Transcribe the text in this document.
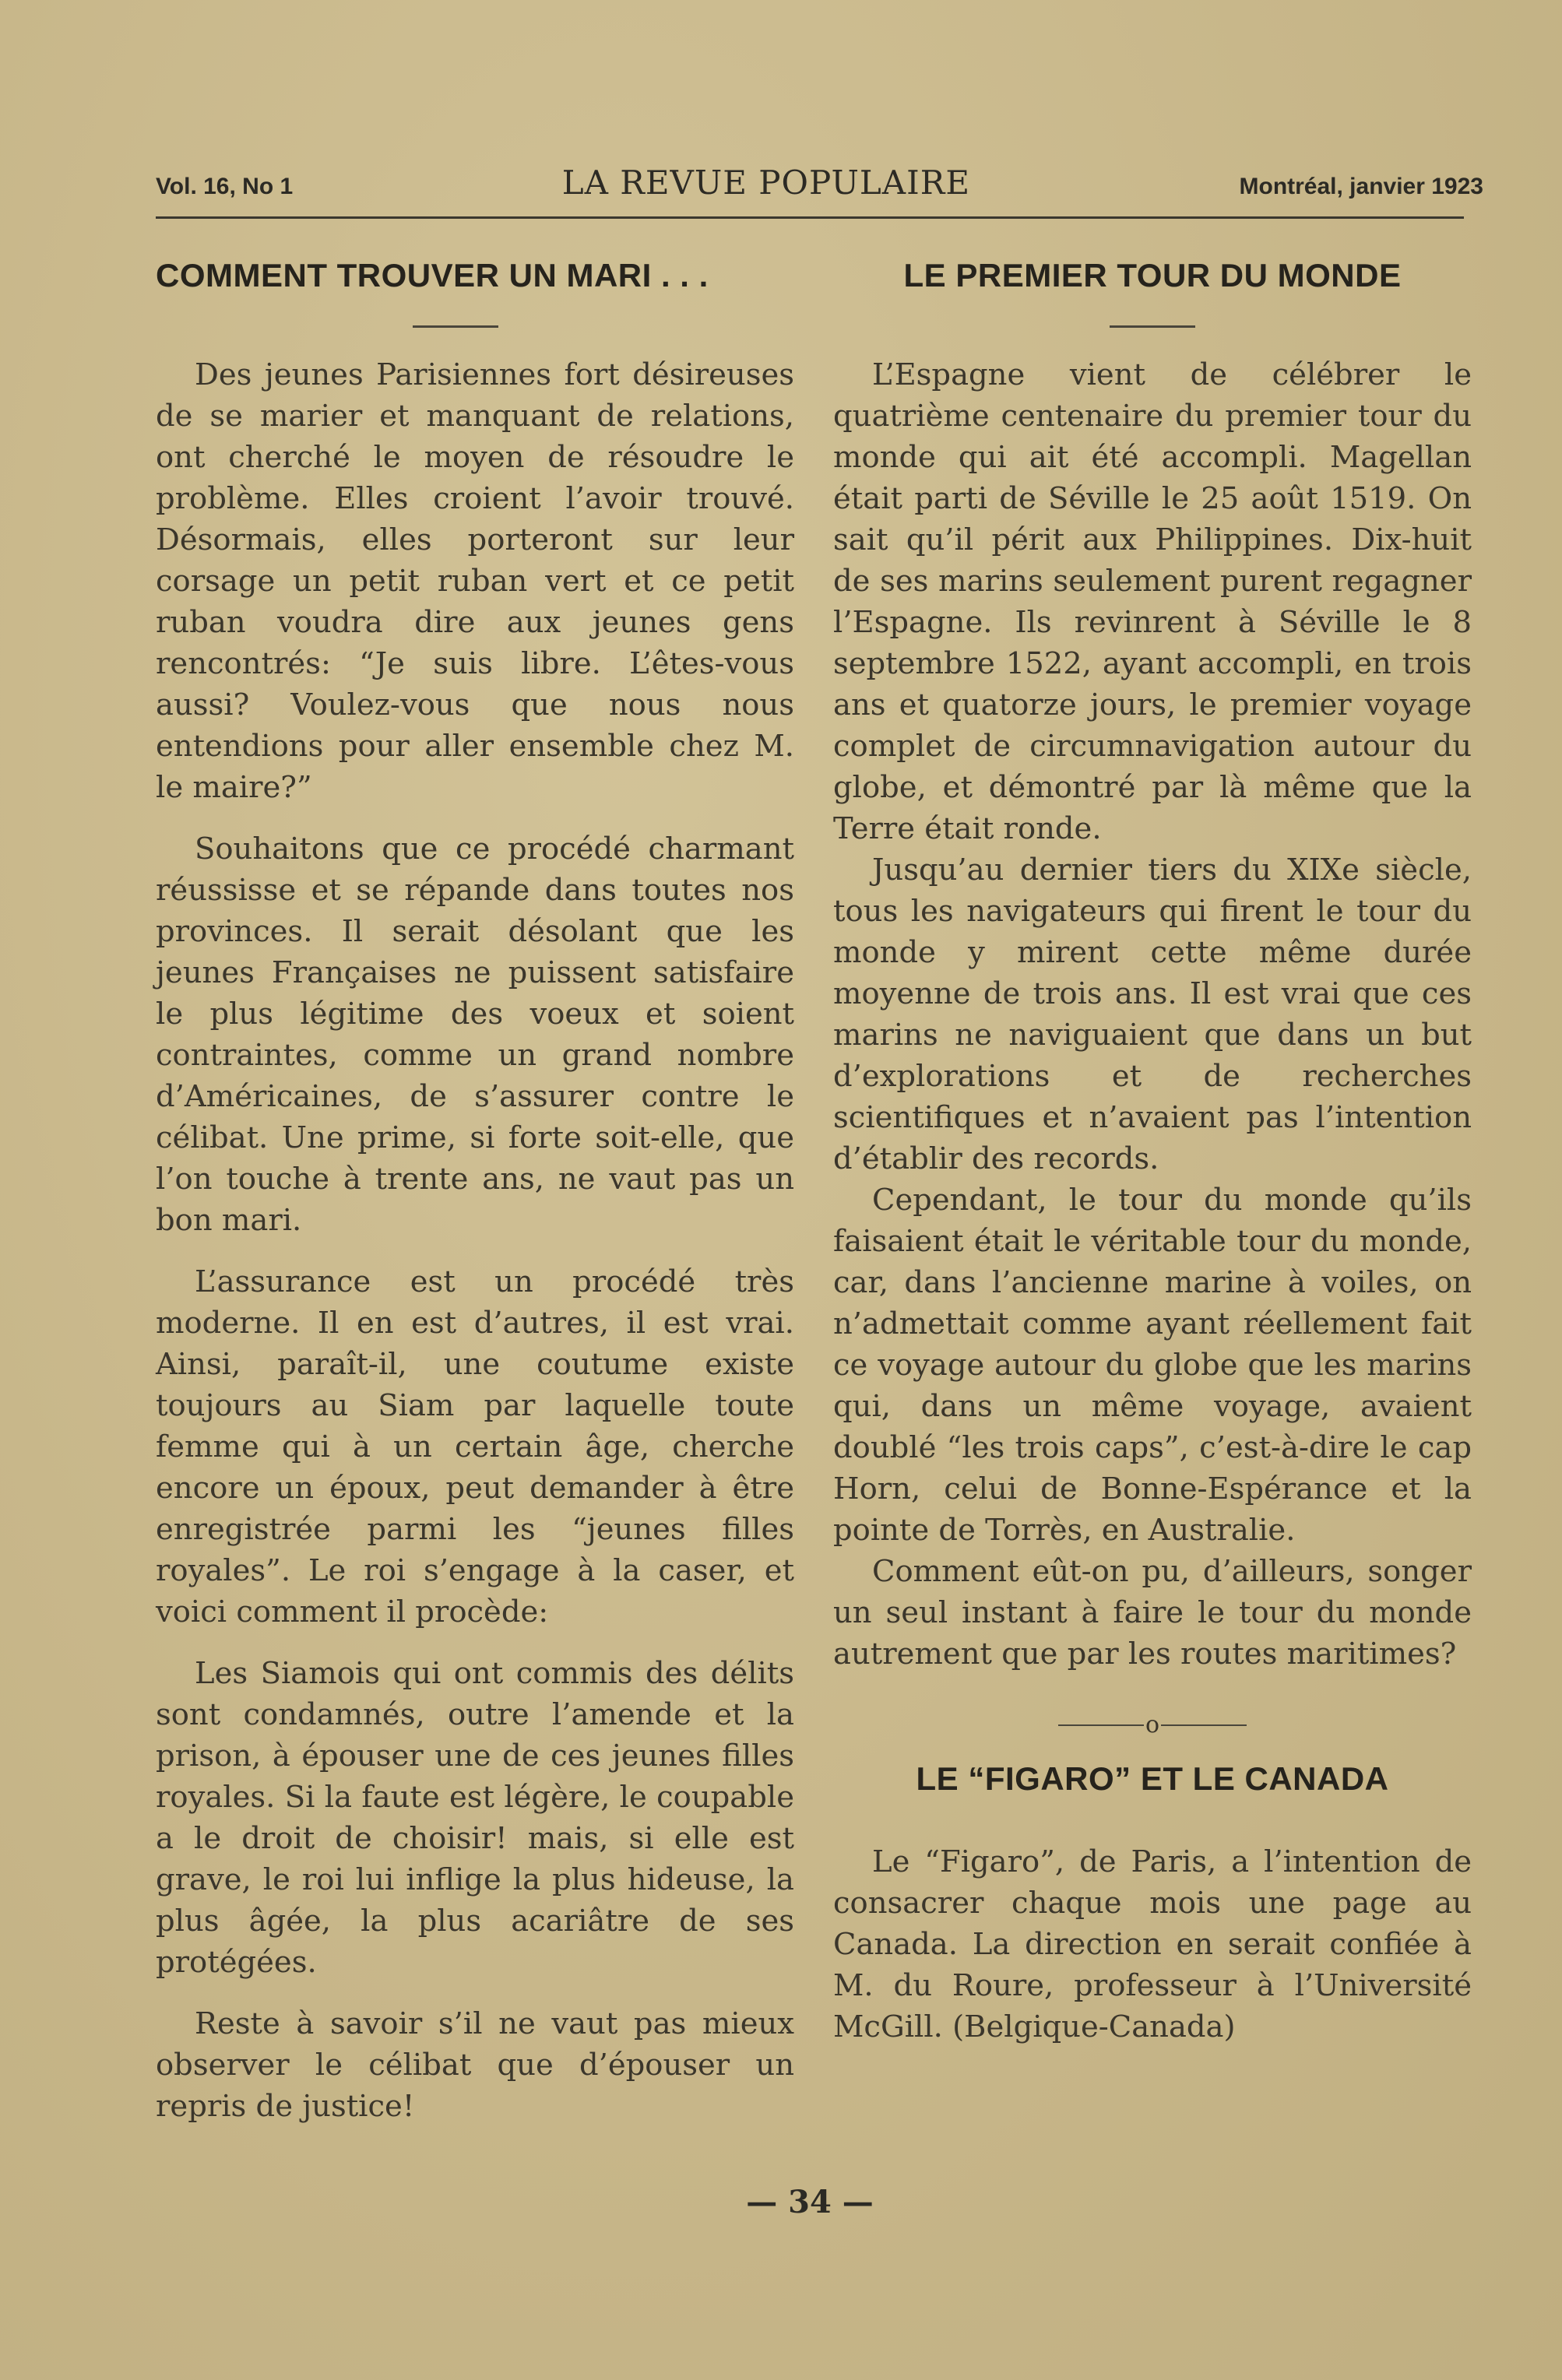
Vol. 16, No 1	LA REVUE POPULAIRE	Montréal, janvier 1923
COMMENT TROUVER UN MARI . . .

Des jeunes Parisiennes fort désireuses de se marier et manquant de relations, ont cherché le moyen de résoudre le problème. Elles croient l’avoir trouvé. Désormais, elles porteront sur leur corsage un petit ruban vert et ce petit ruban voudra dire aux jeunes gens rencontrés: “Je suis libre. L’êtes-vous aussi? Voulez-vous que nous nous entendions pour aller ensemble chez M. le maire?”

Souhaitons que ce procédé charmant réussisse et se répande dans toutes nos provinces. Il serait désolant que les jeunes Françaises ne puissent satisfaire le plus légitime des voeux et soient contraintes, comme un grand nombre d’Américaines, de s’assurer contre le célibat. Une prime, si forte soit-elle, que l’on touche à trente ans, ne vaut pas un bon mari.

L’assurance est un procédé très moderne. Il en est d’autres, il est vrai. Ainsi, paraît-il, une coutume existe toujours au Siam par laquelle toute femme qui à un certain âge, cherche encore un époux, peut demander à être enregistrée parmi les “jeunes filles royales”. Le roi s’engage à la caser, et voici comment il procède:

Les Siamois qui ont commis des délits sont condamnés, outre l’amende et la prison, à épouser une de ces jeunes filles royales. Si la faute est légère, le coupable a le droit de choisir! mais, si elle est grave, le roi lui inflige la plus hideuse, la plus âgée, la plus acariâtre de ses protégées.

Reste à savoir s’il ne vaut pas mieux observer le célibat que d’épouser un repris de justice!

LE PREMIER TOUR DU MONDE

L’Espagne vient de célébrer le quatrième centenaire du premier tour du monde qui ait été accompli. Magellan était parti de Séville le 25 août 1519. On sait qu’il périt aux Philippines. Dix-huit de ses marins seulement purent regagner l’Espagne. Ils revinrent à Séville le 8 septembre 1522, ayant accompli, en trois ans et quatorze jours, le premier voyage complet de circumnavigation autour du globe, et démontré par là même que la Terre était ronde.

Jusqu’au dernier tiers du XIXe siècle, tous les navigateurs qui firent le tour du monde y mirent cette même durée moyenne de trois ans. Il est vrai que ces marins ne naviguaient que dans un but d’explorations et de recherches scientifiques et n’avaient pas l’intention d’établir des records.

Cependant, le tour du monde qu’ils faisaient était le véritable tour du monde, car, dans l’ancienne marine à voiles, on n’admettait comme ayant réellement fait ce voyage autour du globe que les marins qui, dans un même voyage, avaient doublé “les trois caps”, c’est-à-dire le cap Horn, celui de Bonne-Espérance et la pointe de Torrès, en Australie.

Comment eût-on pu, d’ailleurs, songer un seul instant à faire le tour du monde autrement que par les routes maritimes?

o
LE “FIGARO” ET LE CANADA

Le “Figaro”, de Paris, a l’intention de consacrer chaque mois une page au Canada. La direction en serait confiée à M. du Roure, professeur à l’Université McGill. (Belgique-Canada)

— 34 —
